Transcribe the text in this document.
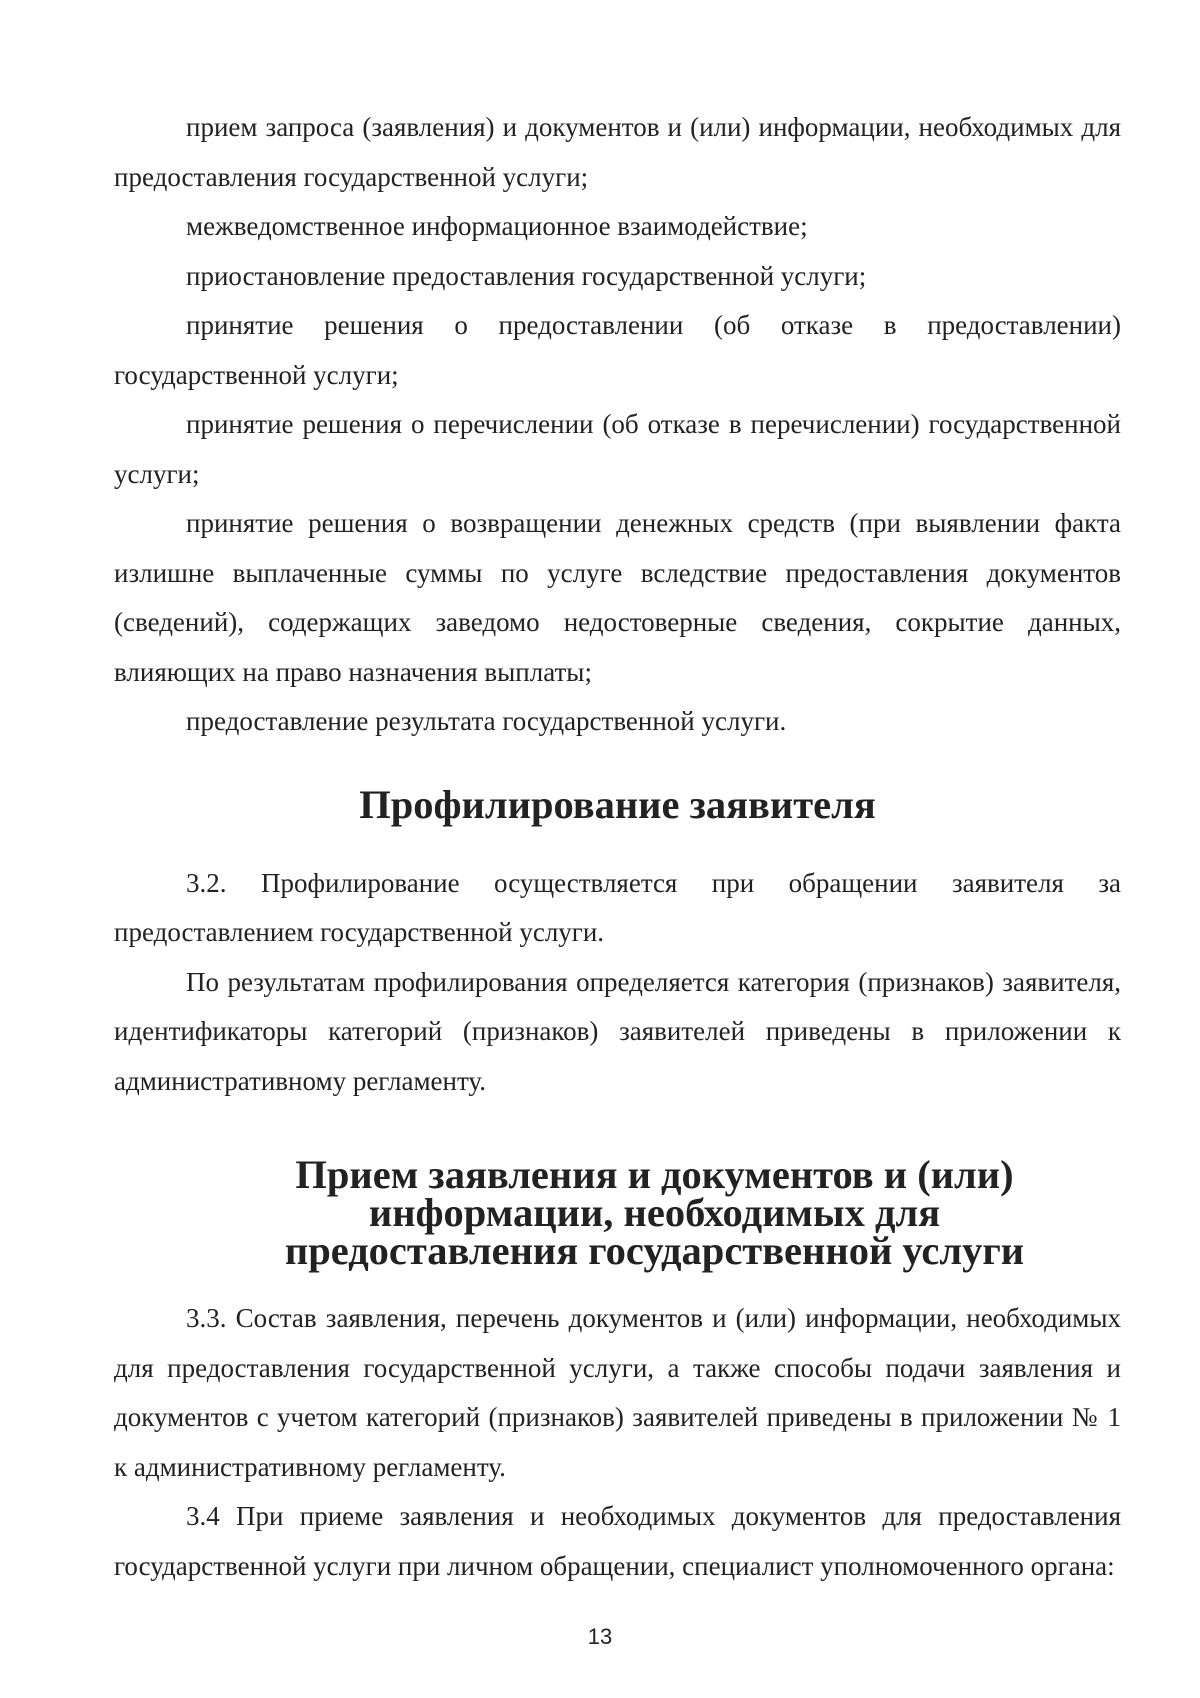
прием запроса (заявления) и документов и (или) информации, необходимых для предоставления государственной услуги;

межведомственное информационное взаимодействие;

приостановление предоставления государственной услуги;

принятие решения о предоставлении (об отказе в предоставлении) государственной услуги;

принятие решения о перечислении (об отказе в перечислении) государственной услуги;

принятие решения о возвращении денежных средств (при выявлении факта излишне выплаченные суммы по услуге вследствие предоставления документов (сведений), содержащих заведомо недостоверные сведения, сокрытие данных, влияющих на право назначения выплаты;

предоставление результата государственной услуги.

Профилирование заявителя

3.2. Профилирование осуществляется при обращении заявителя за предоставлением государственной услуги.

По результатам профилирования определяется категория (признаков) заявителя, идентификаторы категорий (признаков) заявителей приведены в приложении к административному регламенту.

Прием заявления и документов и (или) информации, необходимых для
предоставления государственной услуги

3.3. Состав заявления, перечень документов и (или) информации, необходимых для предоставления государственной услуги, а также способы подачи заявления и документов с учетом категорий (признаков) заявителей приведены в приложении № 1 к административному регламенту.

3.4 При приеме заявления и необходимых документов для предоставления государственной услуги при личном обращении, специалист уполномоченного органа:

13
